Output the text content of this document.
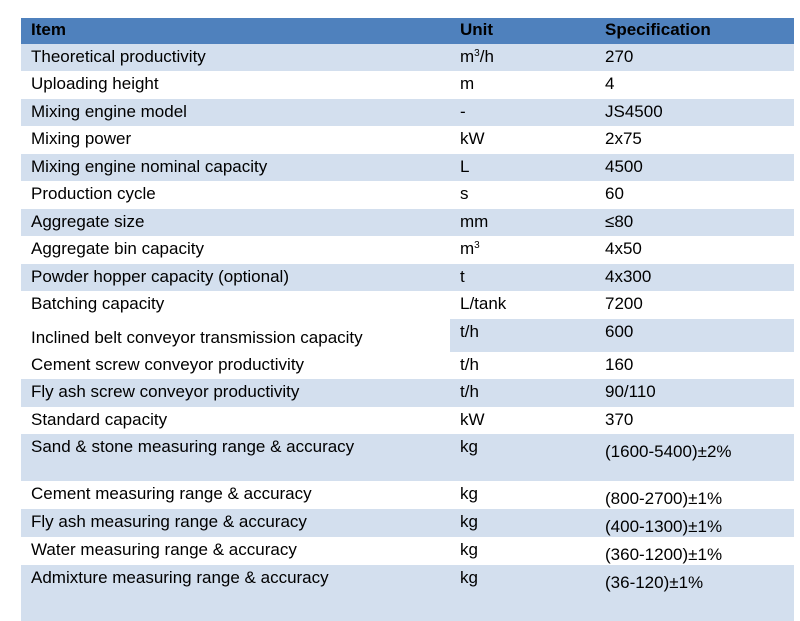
Item	Unit	Specification
Theoretical productivity	$m^3/h$	270
Uploading height	m	4
Mixing engine model	-	JS4500
Mixing power	kW	2x75
Mixing engine nominal capacity	L	4500
Production cycle	s	60
Aggregate size	mm	≤80
Aggregate bin capacity	$m^3$	4x50
Powder hopper capacity (optional)	t	4x300
Batching capacity	L/tank	7200
Inclined belt conveyor transmission capacity	t/h	600
Cement screw conveyor productivity	t/h	160
Fly ash screw conveyor productivity	t/h	90/110
Standard capacity	kW	370
Sand & stone measuring range & accuracy	kg	(1600-5400)±2%
Cement measuring range & accuracy	kg	(800-2700)±1%
Fly ash measuring range & accuracy	kg	(400-1300)±1%
Water measuring range & accuracy	kg	(360-1200)±1%
Admixture measuring range & accuracy	kg	(36-120)±1%
